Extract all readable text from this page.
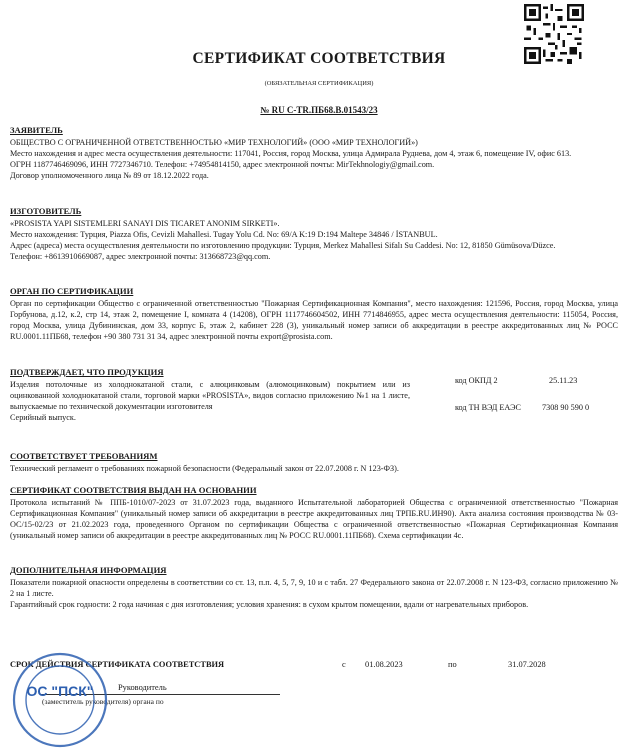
СЕРТИФИКАТ СООТВЕТСТВИЯ
(ОБЯЗАТЕЛЬНАЯ СЕРТИФИКАЦИЯ)
№ RU C-TR.ПБ68.В.01543/23
ЗАЯВИТЕЛЬ

ОБЩЕСТВО С ОГРАНИЧЕННОЙ ОТВЕТСТВЕННОСТЬЮ «МИР ТЕХНОЛОГИЙ» (ООО «МИР ТЕХНОЛОГИЙ»)

Место нахождения и адрес места осуществления деятельности: 117041, Россия, город Москва, улица Адмирала Руднева, дом 4, этаж 6, помещение IV, офис 613.

ОГРН 1187746469096, ИНН 7727346710. Телефон: +74954814150, адрес электронной почты: MirTekhnologiy@gmail.com.

Договор уполномоченного лица № 89 от 18.12.2022 года.

ИЗГОТОВИТЕЛЬ

«PROSISTA YAPI SISTEMLERI SANAYI DIS TICARET ANONIM SIRKETI».

Место нахождения: Турция, Piazza Ofis, Cevizli Mahallesi. Tugay Yolu Cd. No: 69/A K:19 D:194 Maltepe 34846 / İSTANBUL.

Адрес (адреса) места осуществления деятельности по изготовлению продукции: Турция, Merkez Mahallesi Sifalı Su Caddesi. No: 12, 81850 Gümüsova/Düzce.

Телефон: +8613910669087, адрес электронной почты: 313668723@qq.com.

ОРГАН ПО СЕРТИФИКАЦИИ
Орган по сертификации Общество с ограниченной ответственностью "Пожарная Сертификационная Компания", место нахождения: 121596, Россия, город Москва, улица Горбунова, д.12, к.2, стр 14, этаж 2, помещение I, комната 4 (14208), ОГРН 1117746604502, ИНН 7714846955, адрес места осуществления деятельности: 115054, Россия, город Москва, улица Дубининская, дом 33, корпус Б, этаж 2, кабинет 228 (3), уникальный номер записи об аккредитации в реестре аккредитованных лиц № РОСС RU.0001.11ПБ68, телефон +90 380 731 31 34, адрес электронной почты export@prosista.com.
ПОДТВЕРЖДАЕТ, ЧТО ПРОДУКЦИЯ

Изделия потолочные из холоднокатаной стали, с алюцинковым (алюмоцинковым) покрытием или из оцинкованной холоднокатаной стали, торговой марки «PROSISTA», видов согласно приложению №1 на 1 листе, выпускаемые по технической документации изготовителя

Серийный выпуск.

код ОКПД 2	25.11.23
код ТН ВЭД ЕАЭС	7308 90 590 0
СООТВЕТСТВУЕТ ТРЕБОВАНИЯМ
Технический регламент о требованиях пожарной безопасности (Федеральный закон от 22.07.2008 г. N 123-ФЗ).
СЕРТИФИКАТ СООТВЕТСТВИЯ ВЫДАН НА ОСНОВАНИИ
Протокола испытаний № ППБ-1010/07-2023 от 31.07.2023 года, выданного Испытательной лабораторией Общества с ограниченной ответственностью "Пожарная Сертификационная Компания" (уникальный номер записи об аккредитации в реестре аккредитованных лиц ТРПБ.RU.ИН90). Акта анализа состояния производства № 03-ОС/15-02/23 от 21.02.2023 года, проведенного Органом по сертификации Общества с ограниченной ответственностью «Пожарная Сертификационная Компания (уникальный номер записи об аккредитации в реестре аккредитованных лиц № РОСС RU.0001.11ПБ68). Схема сертификации 4с.
ДОПОЛНИТЕЛЬНАЯ ИНФОРМАЦИЯ

Показатели пожарной опасности определены в соответствии со ст. 13, п.п. 4, 5, 7, 9, 10 и с табл. 27 Федерального закона от 22.07.2008 г. N 123-ФЗ, согласно приложению № 2 на 1 листе.

Гарантийный срок годности: 2 года начиная с дня изготовления; условия хранения: в сухом крытом помещении, вдали от нагревательных приборов.

СРОК ДЕЙСТВИЯ СЕРТИФИКАТА СООТВЕТСТВИЯ	с 01.08.2023	по	31.07.2028
Руководитель
(заместитель руководителя) органа по
ОС "ПСК"
